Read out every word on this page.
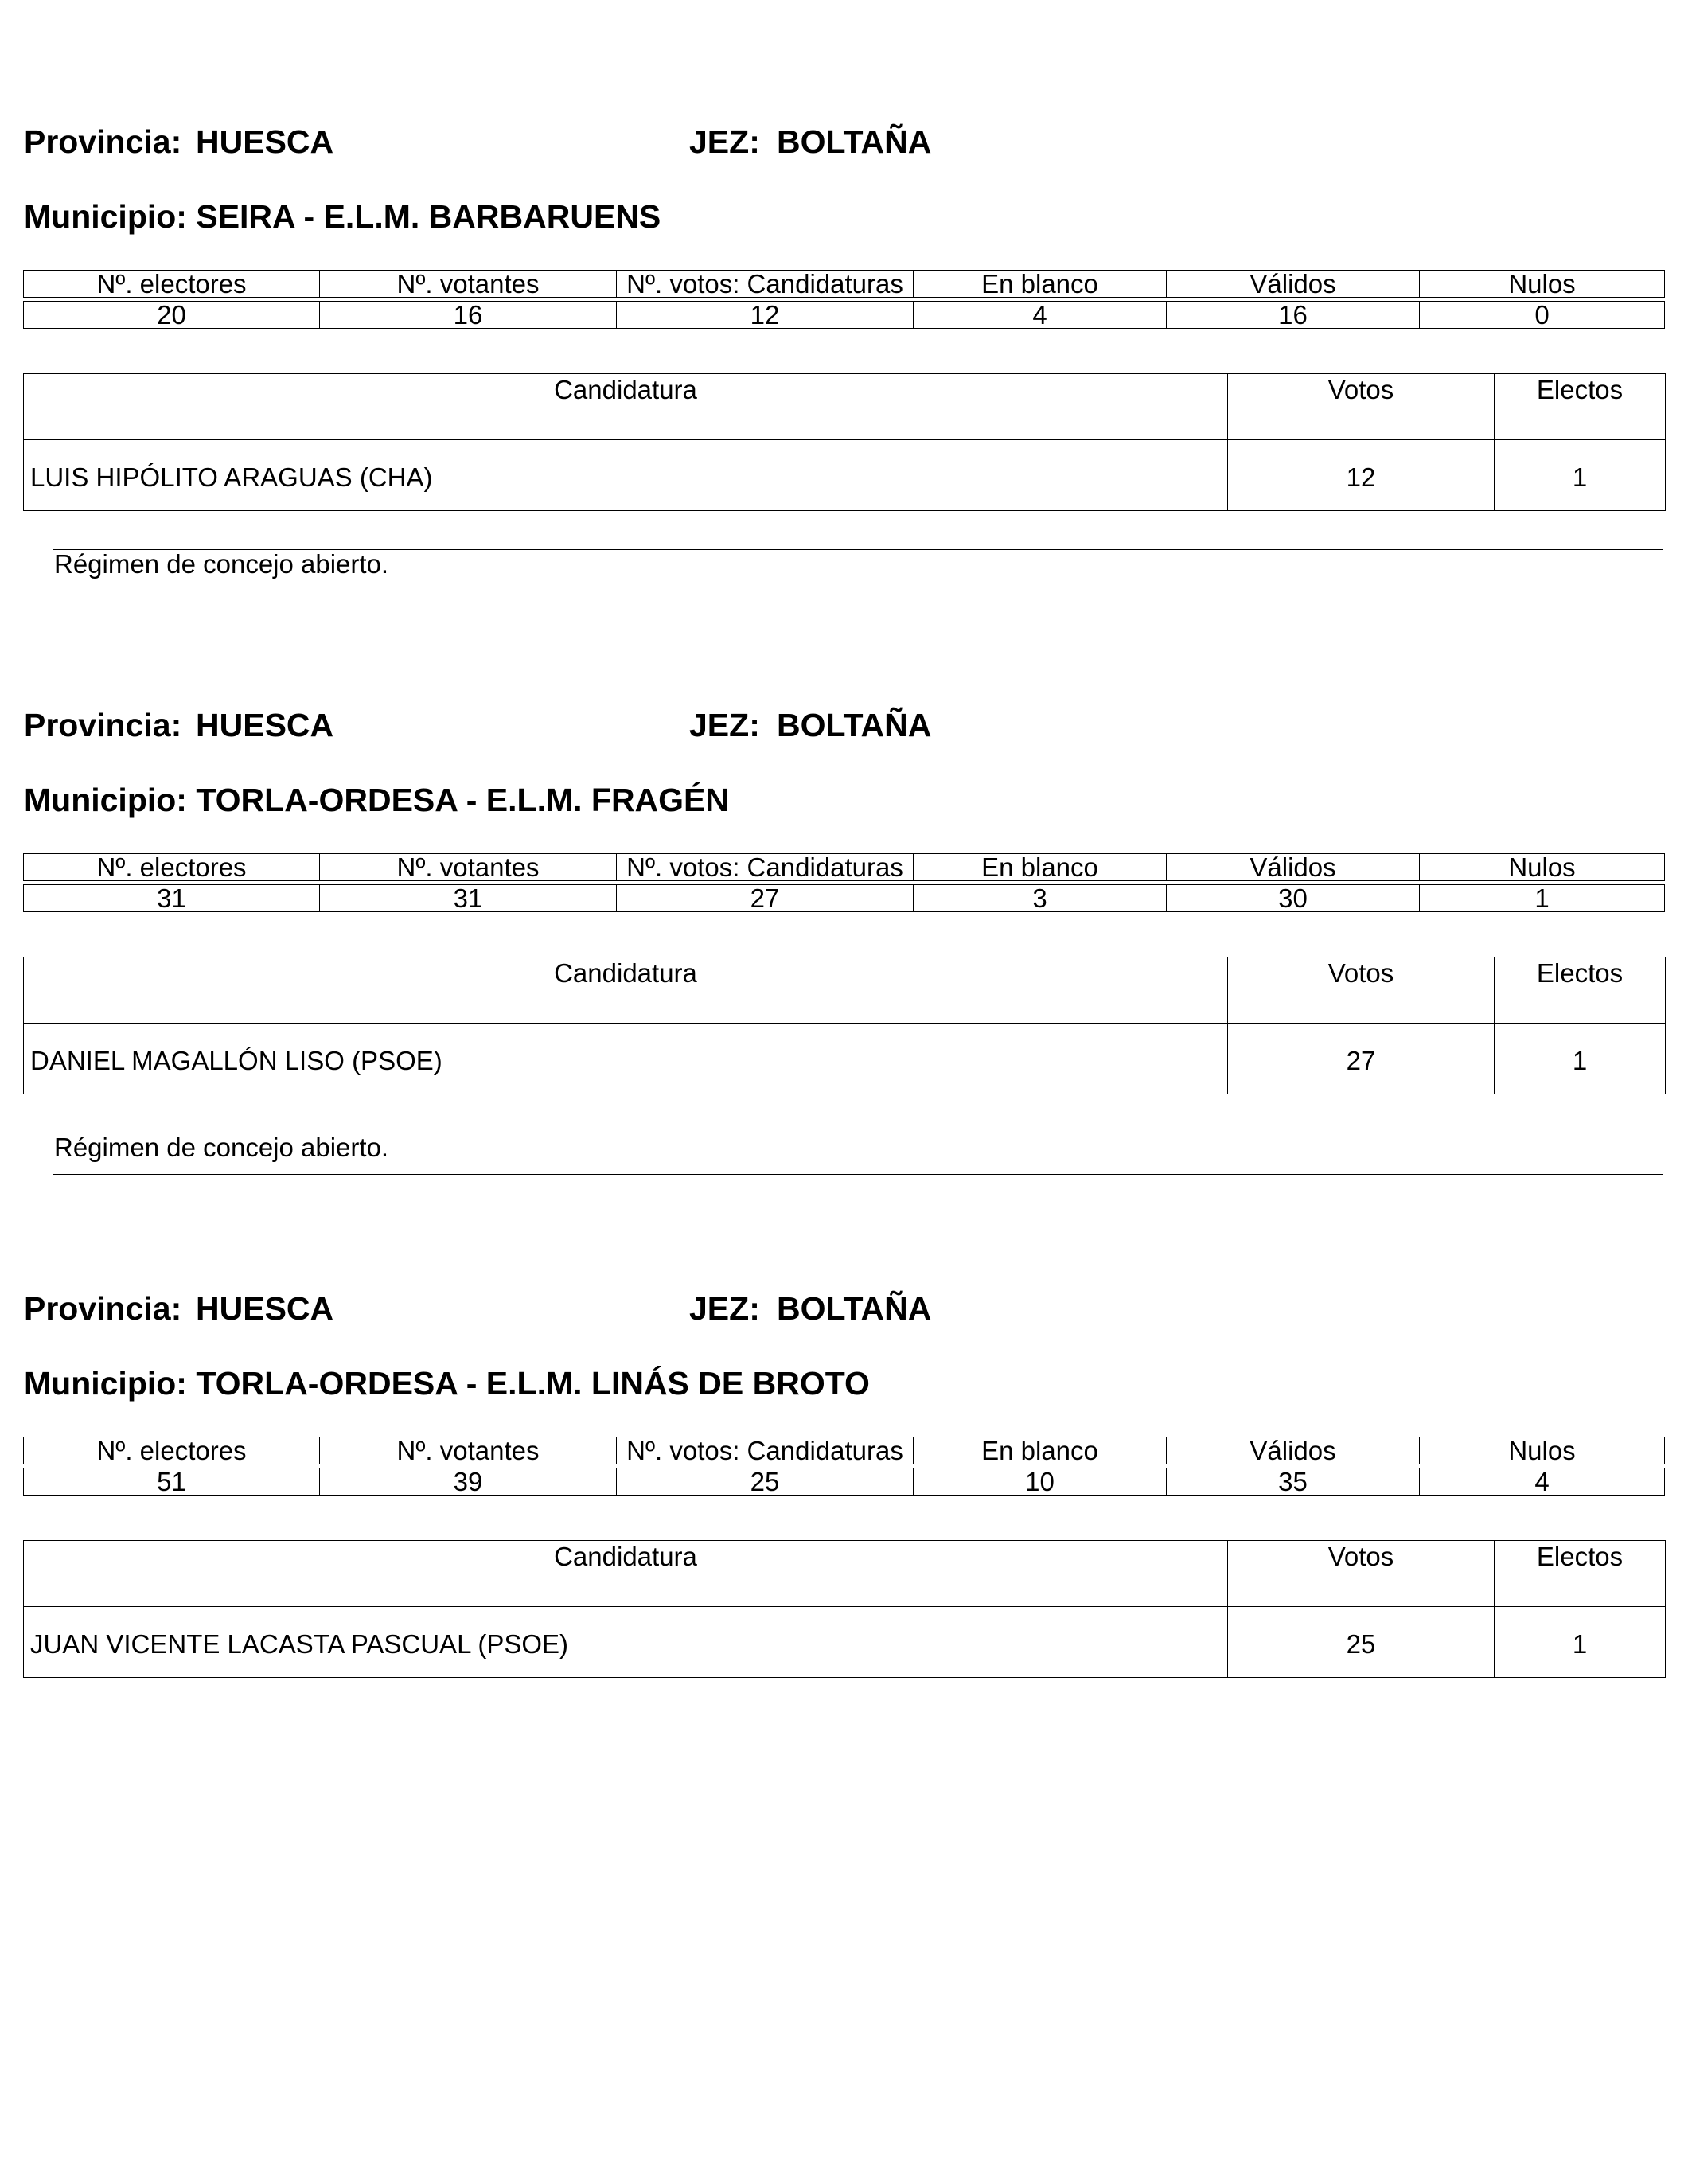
Provincia: HUESCA	JEZ: BOLTAÑA
Municipio: SEIRA - E.L.M. BARBARUENS
Nº. electores	Nº. votantes	Nº. votos: Candidaturas	En blanco	Válidos	Nulos
20	16	12	4	16	0
Candidatura	Votos	Electos
LUIS HIPÓLITO ARAGUAS (CHA)	12	1
Régimen de concejo abierto.
Provincia: HUESCA	JEZ: BOLTAÑA
Municipio: TORLA-ORDESA - E.L.M. FRAGÉN
Nº. electores	Nº. votantes	Nº. votos: Candidaturas	En blanco	Válidos	Nulos
31	31	27	3	30	1
Candidatura	Votos	Electos
DANIEL MAGALLÓN LISO (PSOE)	27	1
Régimen de concejo abierto.
Provincia: HUESCA	JEZ: BOLTAÑA
Municipio: TORLA-ORDESA - E.L.M. LINÁS DE BROTO
Nº. electores	Nº. votantes	Nº. votos: Candidaturas	En blanco	Válidos	Nulos
51	39	25	10	35	4
Candidatura	Votos	Electos
JUAN VICENTE LACASTA PASCUAL (PSOE)	25	1
